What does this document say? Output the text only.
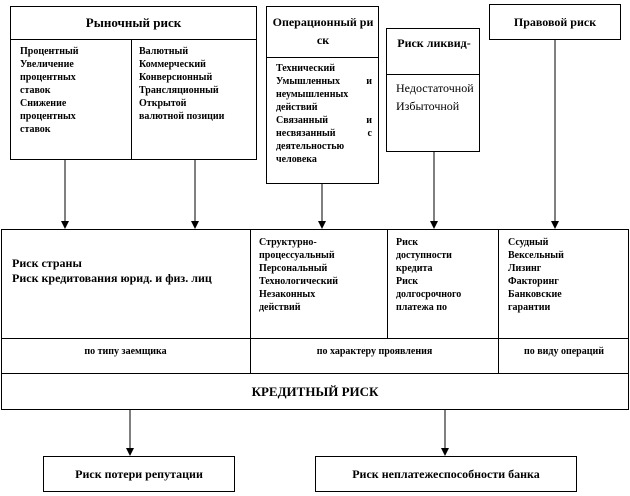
Рыночный риск
Процентный
Увеличение
процентных
ставок
Снижение
процентных
ставок
Валютный
Коммерческий
Конверсионный
Трансляционный
Открытой
валютной позиции
Операционный риск
Технический
Умышленных и неумышленных действий
Связанный и несвязанный с деятельностью человека
Риск ликвид-
Недостаточной
Избыточной
Правовой риск
Риск страны
Риск кредитования юрид. и физ. лиц
Структурно-
процессуальный
Персональный
Технологический
Незаконных
действий
Риск
доступности
кредита
Риск
долгосрочного
платежа по
Ссудный
Вексельный
Лизинг
Факторинг
Банковские
гарантии
по типу заемщика	по характеру проявления	по виду операций
КРЕДИТНЫЙ РИСК
Риск потери репутации	Риск неплатежеспособности банка
